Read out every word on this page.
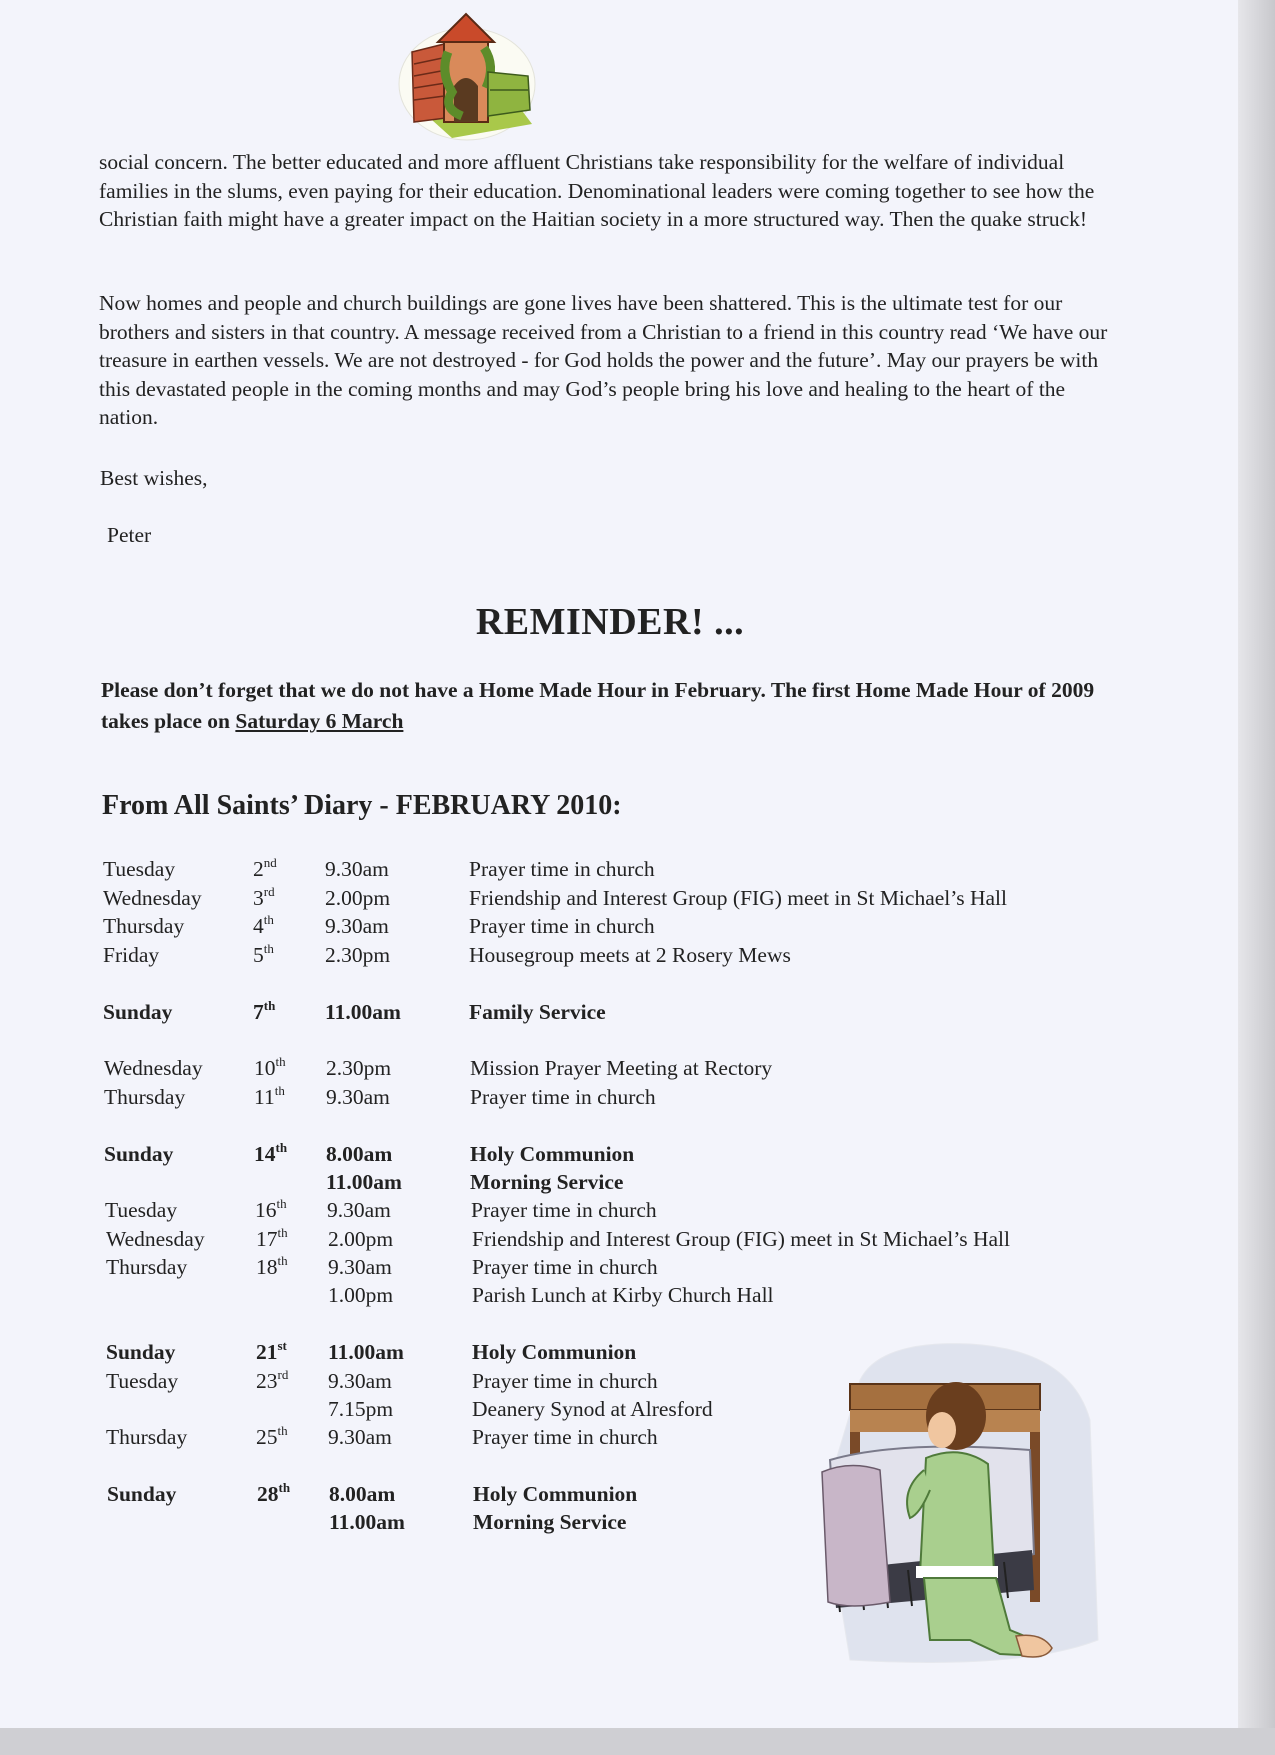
social concern. The better educated and more affluent Christians take responsibility for the welfare of individual families in the slums, even paying for their education. Denominational leaders were coming together to see how the Christian faith might have a greater impact on the Haitian society in a more structured way. Then the quake struck!

Now homes and people and church buildings are gone lives have been shattered. This is the ultimate test for our brothers and sisters in that country. A message received from a Christian to a friend in this country read ‘We have our treasure in earthen vessels. We are not destroyed - for God holds the power and the future’. May our prayers be with this devastated people in the coming months and may God’s people bring his love and healing to the heart of the nation.

Best wishes,
Peter
REMINDER! ...

Please don’t forget that we do not have a Home Made Hour in February. The first Home Made Hour of 2009 takes place on Saturday 6 March

From All Saints’ Diary - FEBRUARY 2010:
Tuesday	2nd 9.30am	Prayer time in church
Wednesday 3rd 2.00pm	Friendship and Interest Group (FIG) meet in St Michael’s Hall
Thursday	4th 9.30am	Prayer time in church
Friday	5th 2.30pm	Housegroup meets at 2 Rosery Mews
Sunday	7th 11.00am	Family Service
Wednesday 10th 2.30pm	Mission Prayer Meeting at Rectory
Thursday	11th 9.30am	Prayer time in church
Sunday	14th 8.00am	Holy Communion
11.00am	Morning Service
Tuesday	16th 9.30am	Prayer time in church
Wednesday 17th 2.00pm	Friendship and Interest Group (FIG) meet in St Michael’s Hall
Thursday	18th 9.30am	Prayer time in church
1.00pm	Parish Lunch at Kirby Church Hall
Sunday	21st 11.00am	Holy Communion
Tuesday	23rd 9.30am	Prayer time in church
7.15pm	Deanery Synod at Alresford
Thursday	25th 9.30am	Prayer time in church
Sunday	28th 8.00am	Holy Communion
11.00am	Morning Service
